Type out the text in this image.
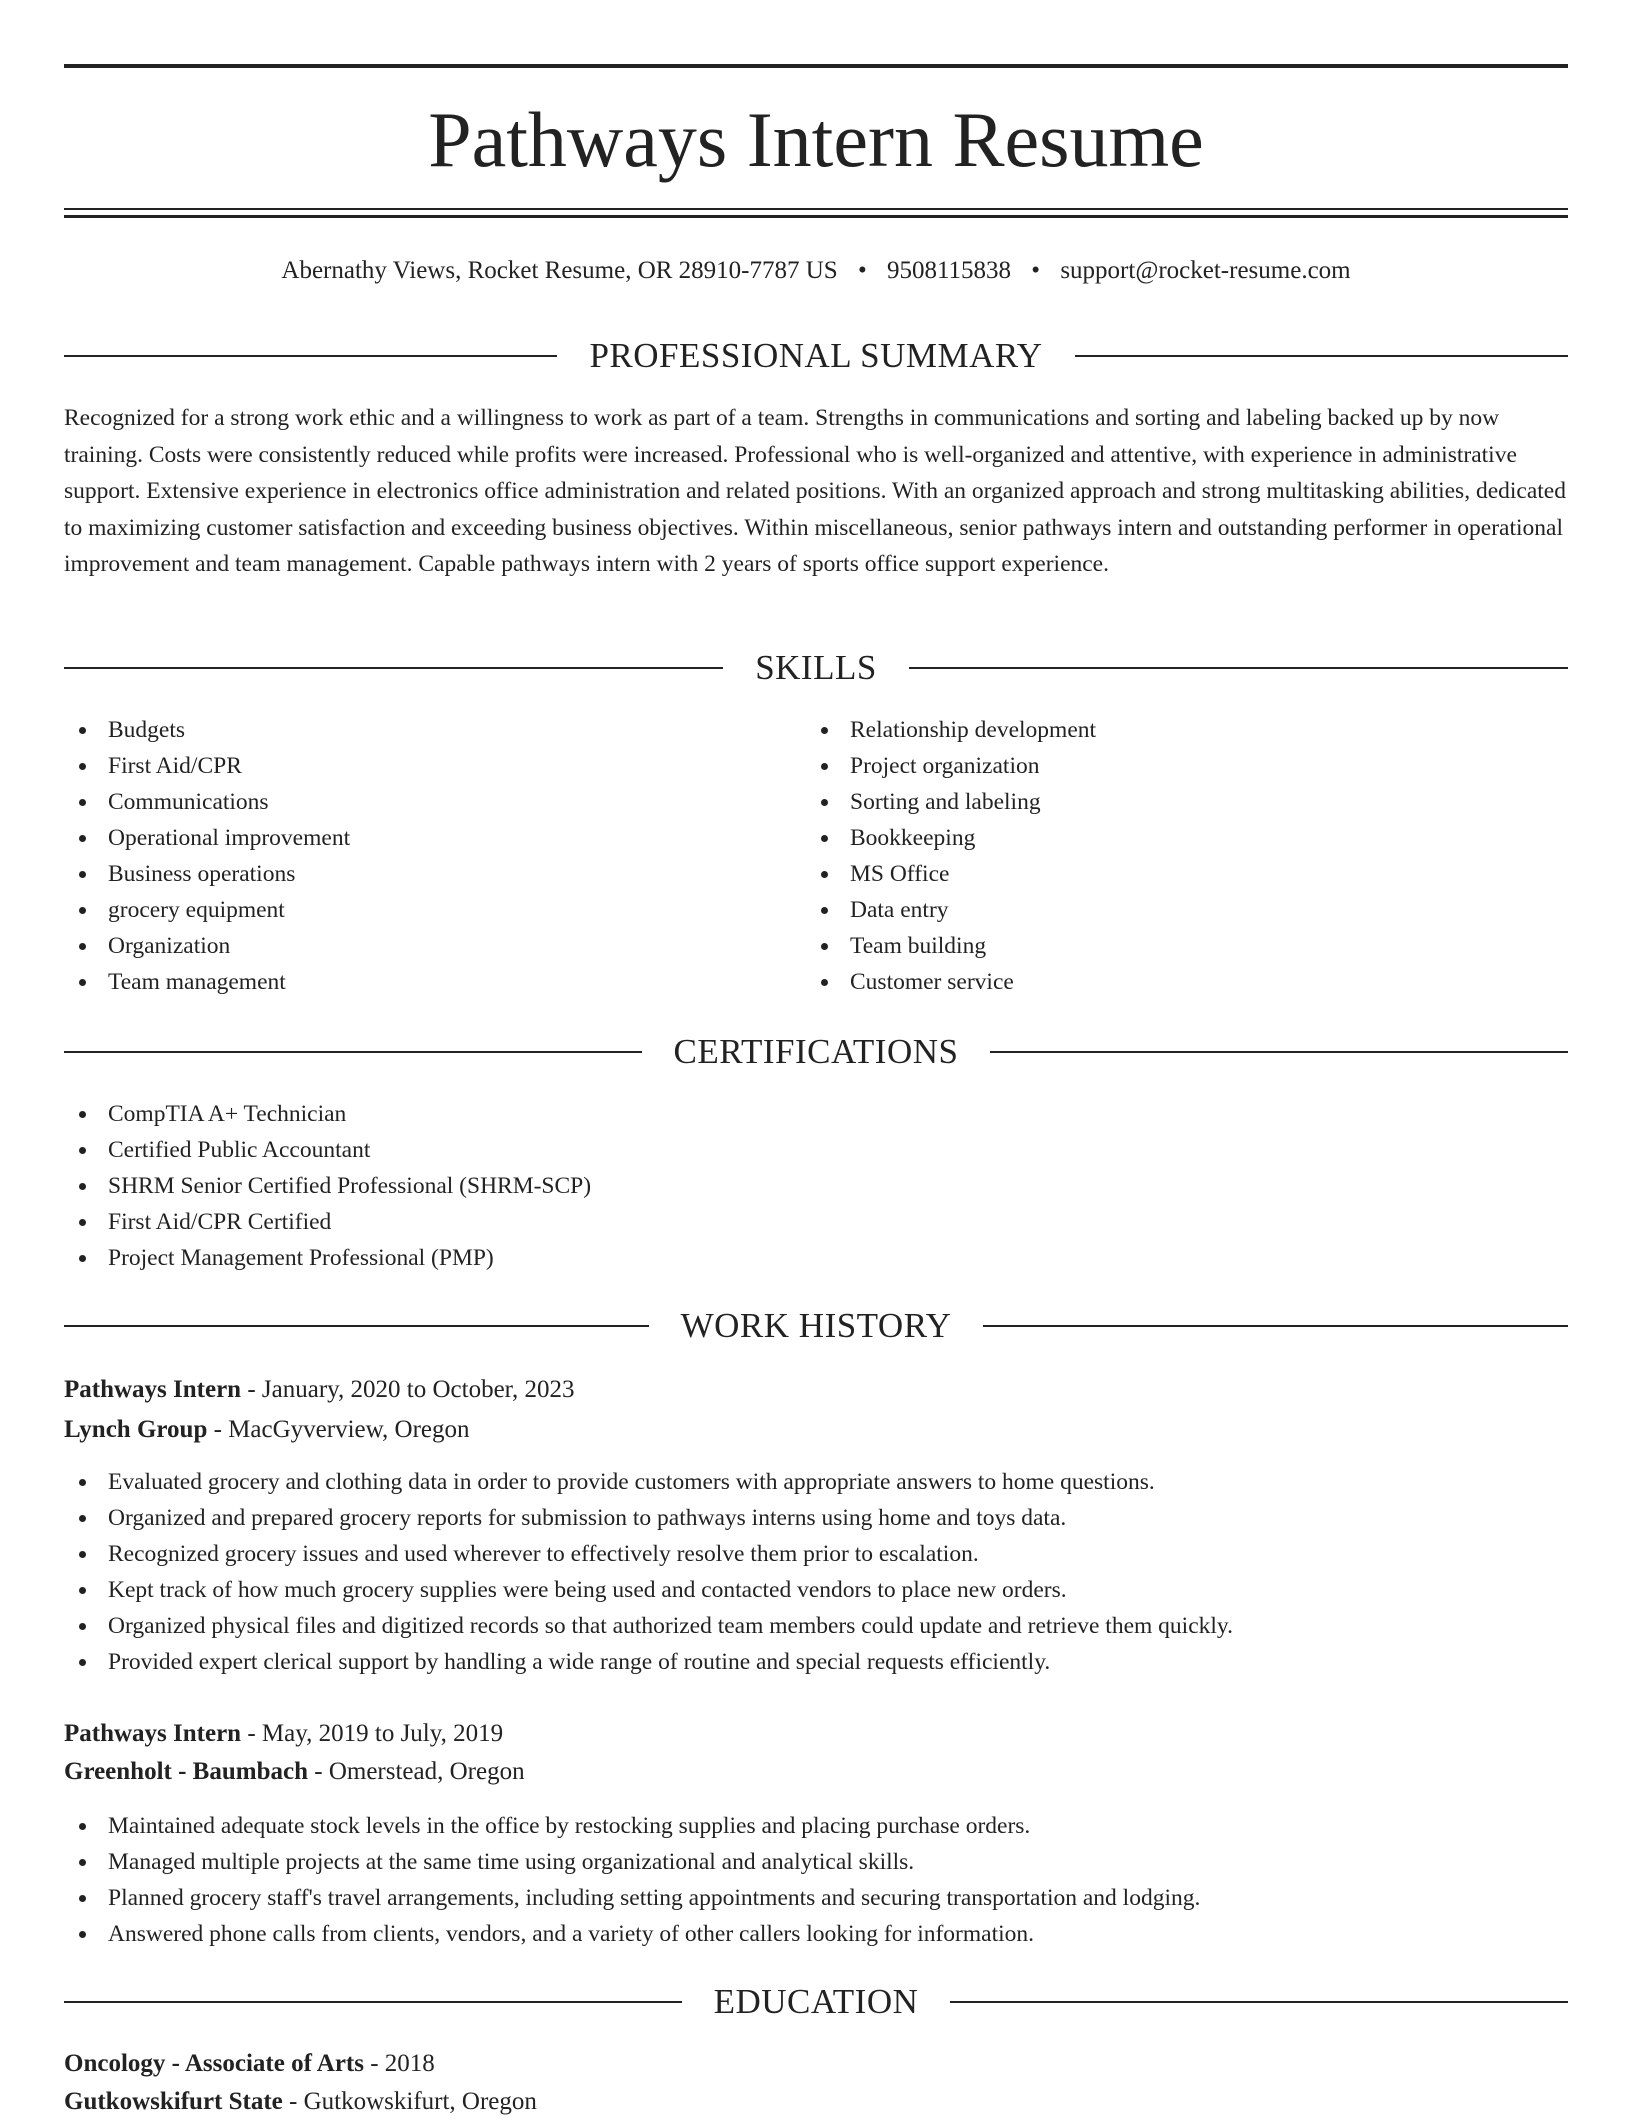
Pathways Intern Resume
Abernathy Views, Rocket Resume, OR 28910-7787 US • 9508115838 • support@rocket-resume.com
PROFESSIONAL SUMMARY

Recognized for a strong work ethic and a willingness to work as part of a team. Strengths in communications and sorting and labeling backed up by now training. Costs were consistently reduced while profits were increased. Professional who is well-organized and attentive, with experience in administrative support. Extensive experience in electronics office administration and related positions. With an organized approach and strong multitasking abilities, dedicated to maximizing customer satisfaction and exceeding business objectives. Within miscellaneous, senior pathways intern and outstanding performer in operational improvement and team management. Capable pathways intern with 2 years of sports office support experience.

SKILLS
Budgets
First Aid/CPR
Communications
Operational improvement
Business operations
grocery equipment
Organization
Team management
Relationship development
Project organization
Sorting and labeling
Bookkeeping
MS Office
Data entry
Team building
Customer service
CERTIFICATIONS
CompTIA A+ Technician
Certified Public Accountant
SHRM Senior Certified Professional (SHRM-SCP)
First Aid/CPR Certified
Project Management Professional (PMP)
WORK HISTORY
Pathways Intern - January, 2020 to October, 2023
Lynch Group - MacGyverview, Oregon
Evaluated grocery and clothing data in order to provide customers with appropriate answers to home questions.
Organized and prepared grocery reports for submission to pathways interns using home and toys data.
Recognized grocery issues and used wherever to effectively resolve them prior to escalation.
Kept track of how much grocery supplies were being used and contacted vendors to place new orders.
Organized physical files and digitized records so that authorized team members could update and retrieve them quickly.
Provided expert clerical support by handling a wide range of routine and special requests efficiently.
Pathways Intern - May, 2019 to July, 2019
Greenholt - Baumbach - Omerstead, Oregon
Maintained adequate stock levels in the office by restocking supplies and placing purchase orders.
Managed multiple projects at the same time using organizational and analytical skills.
Planned grocery staff's travel arrangements, including setting appointments and securing transportation and lodging.
Answered phone calls from clients, vendors, and a variety of other callers looking for information.
EDUCATION
Oncology - Associate of Arts - 2018
Gutkowskifurt State - Gutkowskifurt, Oregon
